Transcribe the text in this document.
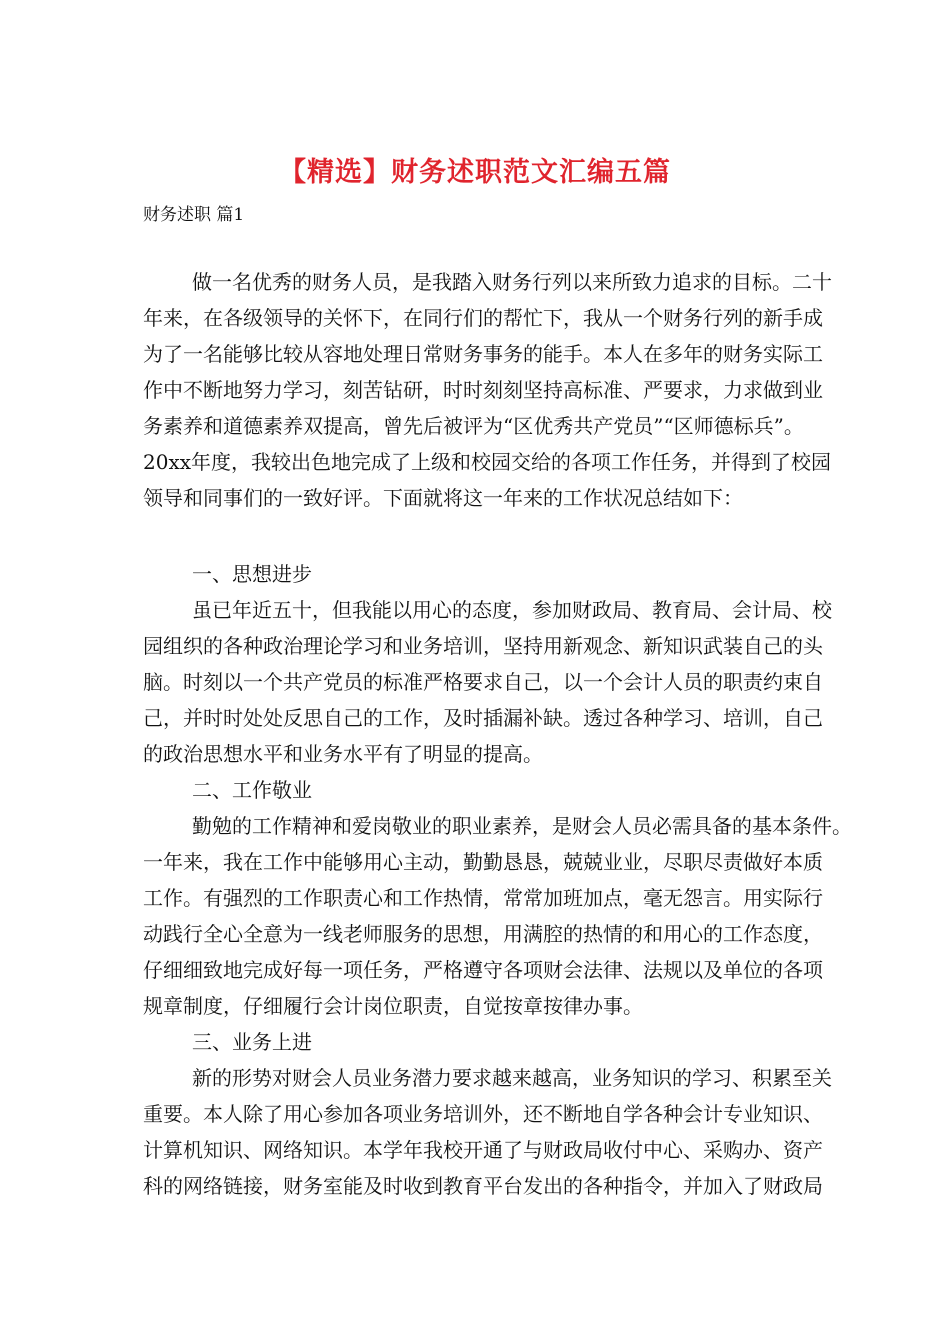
【精选】财务述职范文汇编五篇
财务述职 篇1
做一名优秀的财务人员，是我踏入财务行列以来所致力追求的目标。二十
年来，在各级领导的关怀下，在同行们的帮忙下，我从一个财务行列的新手成
为了一名能够比较从容地处理日常财务事务的能手。本人在多年的财务实际工
作中不断地努力学习，刻苦钻研，时时刻刻坚持高标准、严要求，力求做到业
务素养和道德素养双提高，曾先后被评为“区优秀共产党员”“区师德标兵”。
20xx年度，我较出色地完成了上级和校园交给的各项工作任务，并得到了校园
领导和同事们的一致好评。下面就将这一年来的工作状况总结如下：
一、思想进步
虽已年近五十，但我能以用心的态度，参加财政局、教育局、会计局、校
园组织的各种政治理论学习和业务培训，坚持用新观念、新知识武装自己的头
脑。时刻以一个共产党员的标准严格要求自己，以一个会计人员的职责约束自
己，并时时处处反思自己的工作，及时插漏补缺。透过各种学习、培训，自己
的政治思想水平和业务水平有了明显的提高。
二、工作敬业
勤勉的工作精神和爱岗敬业的职业素养，是财会人员必需具备的基本条件。
一年来，我在工作中能够用心主动，勤勤恳恳，兢兢业业，尽职尽责做好本质
工作。有强烈的工作职责心和工作热情，常常加班加点，毫无怨言。用实际行
动践行全心全意为一线老师服务的思想，用满腔的热情的和用心的工作态度，
仔细细致地完成好每一项任务，严格遵守各项财会法律、法规以及单位的各项
规章制度，仔细履行会计岗位职责，自觉按章按律办事。
三、业务上进
新的形势对财会人员业务潜力要求越来越高，业务知识的学习、积累至关
重要。本人除了用心参加各项业务培训外，还不断地自学各种会计专业知识、
计算机知识、网络知识。本学年我校开通了与财政局收付中心、采购办、资产
科的网络链接，财务室能及时收到教育平台发出的各种指令，并加入了财政局
